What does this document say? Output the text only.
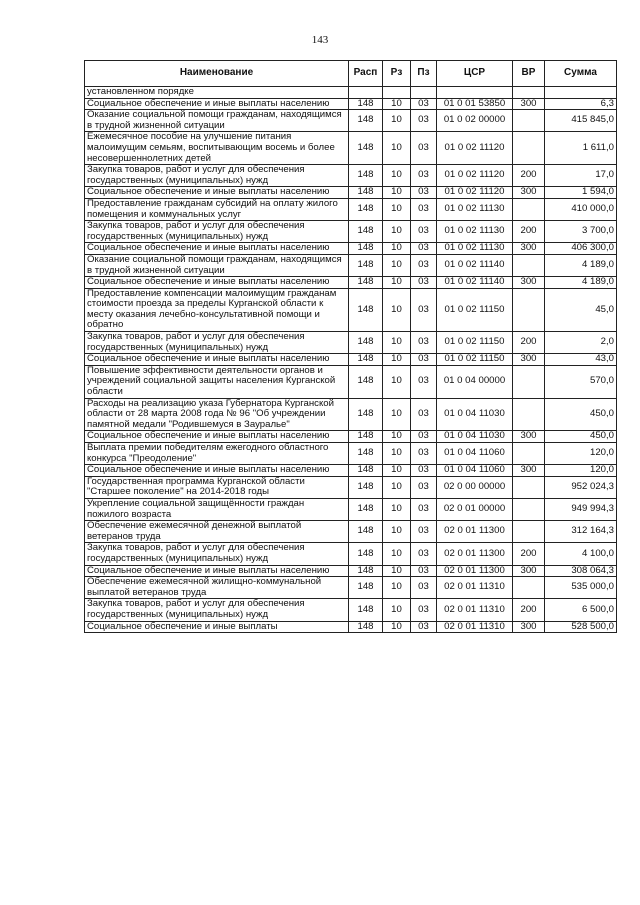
143
Наименование	Расп	Рз	Пз	ЦСР	ВР	Сумма
установленном порядке						
Социальное обеспечение и иные выплаты населению	148	10	03	01 0 01 53850	300	6,3
Оказание социальной помощи гражданам, находящимся в трудной жизненной ситуации	148	10	03	01 0 02 00000		415 845,0
Ежемесячное пособие на улучшение питания малоимущим семьям, воспитывающим восемь и более несовершеннолетних детей	148	10	03	01 0 02 11120		1 611,0
Закупка товаров, работ и услуг для обеспечения государственных (муниципальных) нужд	148	10	03	01 0 02 11120	200	17,0
Социальное обеспечение и иные выплаты населению	148	10	03	01 0 02 11120	300	1 594,0
Предоставление гражданам субсидий на оплату жилого помещения и коммунальных услуг	148	10	03	01 0 02 11130		410 000,0
Закупка товаров, работ и услуг для обеспечения государственных (муниципальных) нужд	148	10	03	01 0 02 11130	200	3 700,0
Социальное обеспечение и иные выплаты населению	148	10	03	01 0 02 11130	300	406 300,0
Оказание социальной помощи гражданам, находящимся в трудной жизненной ситуации	148	10	03	01 0 02 11140		4 189,0
Социальное обеспечение и иные выплаты населению	148	10	03	01 0 02 11140	300	4 189,0
Предоставление компенсации малоимущим гражданам стоимости проезда за пределы Курганской области к месту оказания лечебно-консультативной помощи и обратно	148	10	03	01 0 02 11150		45,0
Закупка товаров, работ и услуг для обеспечения государственных (муниципальных) нужд	148	10	03	01 0 02 11150	200	2,0
Социальное обеспечение и иные выплаты населению	148	10	03	01 0 02 11150	300	43,0
Повышение эффективности деятельности органов и учреждений социальной защиты населения Курганской области	148	10	03	01 0 04 00000		570,0
Расходы на реализацию указа Губернатора Курганской области от 28 марта 2008 года № 96 "Об учреждении памятной медали "Родившемуся в Зауралье"	148	10	03	01 0 04 11030		450,0
Социальное обеспечение и иные выплаты населению	148	10	03	01 0 04 11030	300	450,0
Выплата премии победителям ежегодного областного конкурса "Преодоление"	148	10	03	01 0 04 11060		120,0
Социальное обеспечение и иные выплаты населению	148	10	03	01 0 04 11060	300	120,0
Государственная программа Курганской области "Старшее поколение" на 2014-2018 годы	148	10	03	02 0 00 00000		952 024,3
Укрепление социальной защищённости граждан пожилого возраста	148	10	03	02 0 01 00000		949 994,3
Обеспечение ежемесячной денежной выплатой ветеранов труда	148	10	03	02 0 01 11300		312 164,3
Закупка товаров, работ и услуг для обеспечения государственных (муниципальных) нужд	148	10	03	02 0 01 11300	200	4 100,0
Социальное обеспечение и иные выплаты населению	148	10	03	02 0 01 11300	300	308 064,3
Обеспечение ежемесячной жилищно-коммунальной выплатой ветеранов труда	148	10	03	02 0 01 11310		535 000,0
Закупка товаров, работ и услуг для обеспечения государственных (муниципальных) нужд	148	10	03	02 0 01 11310	200	6 500,0
Социальное обеспечение и иные выплаты	148	10	03	02 0 01 11310	300	528 500,0
